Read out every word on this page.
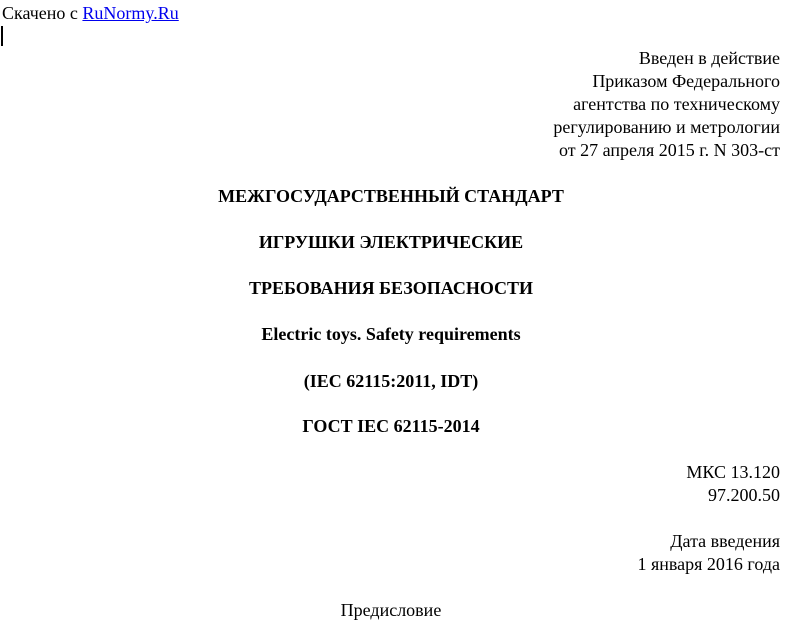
Скачено с RuNormy.Ru
Введен в действие
Приказом Федерального
агентства по техническому
регулированию и метрологии
от 27 апреля 2015 г. N 303-ст
МЕЖГОСУДАРСТВЕННЫЙ СТАНДАРТ
ИГРУШКИ ЭЛЕКТРИЧЕСКИЕ
ТРЕБОВАНИЯ БЕЗОПАСНОСТИ
Electric toys. Safety requirements
(IEC 62115:2011, IDT)
ГОСТ IEC 62115-2014
МКС 13.120
97.200.50
Дата введения
1 января 2016 года
Предисловие
